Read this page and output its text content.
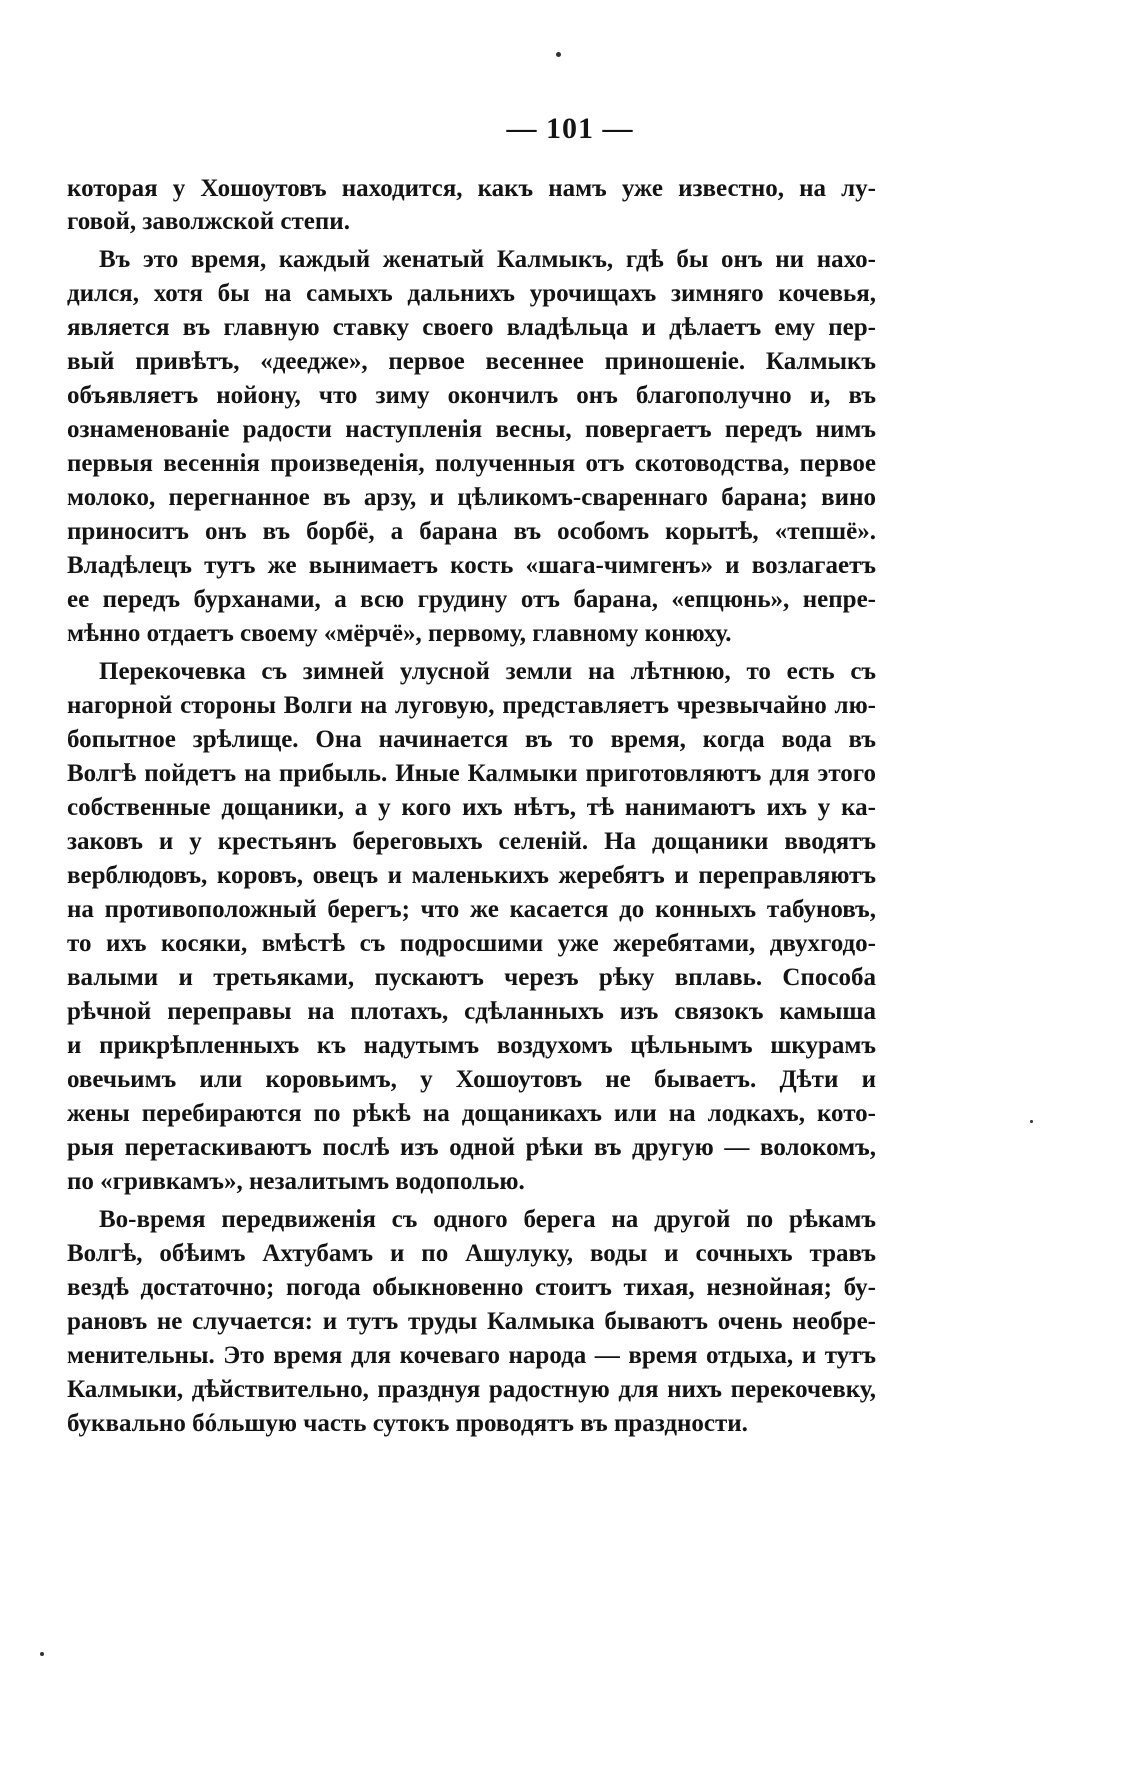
— 101 —
которая у Хошоутовъ находится, какъ намъ уже известно, на лу-
говой, заволжской степи.
Въ это время, каждый женатый Калмыкъ, гдѣ бы онъ ни нахо-
дился, хотя бы на самыхъ дальнихъ урочищахъ зимняго кочевья,
является въ главную ставку своего владѣльца и дѣлаетъ ему пер-
вый привѣтъ, «деедже», первое весеннее приношеніе. Калмыкъ
объявляетъ нойону, что зиму окончилъ онъ благополучно и, въ
ознаменованіе радости наступленія весны, повергаетъ передъ нимъ
первыя весеннія произведенія, полученныя отъ скотоводства, первое
молоко, перегнанное въ арзу, и цѣликомъ-свареннаго барана; вино
приноситъ онъ въ борбё, а барана въ особомъ корытѣ, «тепшё».
Владѣлецъ тутъ же вынимаетъ кость «шага-чимгенъ» и возлагаетъ
ее передъ бурханами, а всю грудину отъ барана, «епцюнь», непре-
мѣнно отдаетъ своему «мёрчё», первому, главному конюху.
Перекочевка съ зимней улусной земли на лѣтнюю, то есть съ
нагорной стороны Волги на луговую, представляетъ чрезвычайно лю-
бопытное зрѣлище. Она начинается въ то время, когда вода въ
Волгѣ пойдетъ на прибыль. Иные Калмыки приготовляютъ для этого
собственные дощаники, а у кого ихъ нѣтъ, тѣ нанимаютъ ихъ у ка-
заковъ и у крестьянъ береговыхъ селеній. На дощаники вводятъ
верблюдовъ, коровъ, овецъ и маленькихъ жеребятъ и переправляютъ
на противоположный берегъ; что же касается до конныхъ табуновъ,
то ихъ косяки, вмѣстѣ съ подросшими уже жеребятами, двухгодо-
валыми и третьяками, пускаютъ черезъ рѣку вплавь. Способа
рѣчной переправы на плотахъ, сдѣланныхъ изъ связокъ камыша
и прикрѣпленныхъ къ надутымъ воздухомъ цѣльнымъ шкурамъ
овечьимъ или коровьимъ, у Хошоутовъ не бываетъ. Дѣти и
жены перебираются по рѣкѣ на дощаникахъ или на лодкахъ, кото-
рыя перетаскиваютъ послѣ изъ одной рѣки въ другую — волокомъ,
по «гривкамъ», незалитымъ водополью.
Во-время передвиженія съ одного берега на другой по рѣкамъ
Волгѣ, обѣимъ Ахтубамъ и по Ашулуку, воды и сочныхъ травъ
вездѣ достаточно; погода обыкновенно стоитъ тихая, незнойная; бу-
рановъ не случается: и тутъ труды Калмыка бываютъ очень необре-
менительны. Это время для кочеваго народа — время отдыха, и тутъ
Калмыки, дѣйствительно, празднуя радостную для нихъ перекочевку,
буквально бóльшую часть сутокъ проводятъ въ праздности.
